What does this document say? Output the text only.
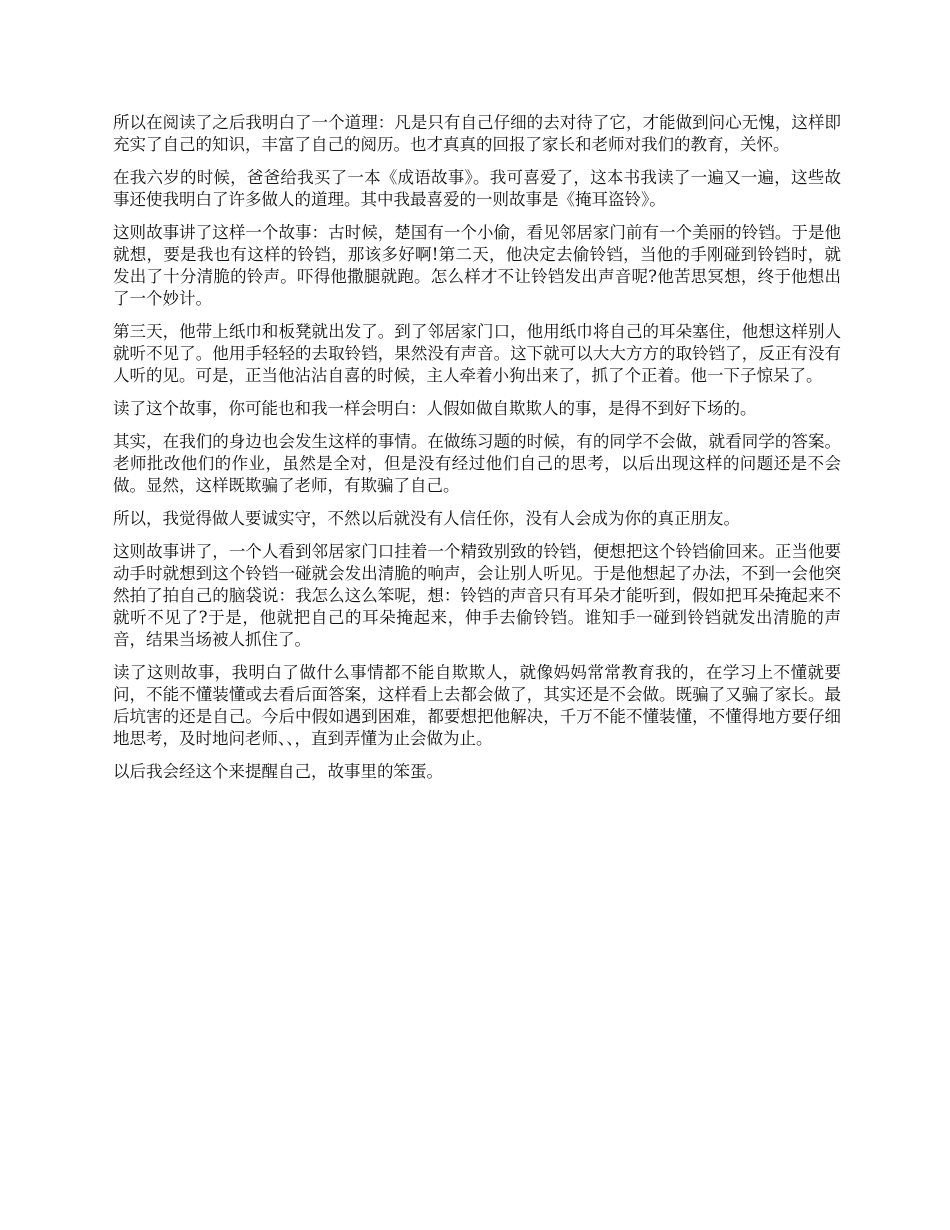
所以在阅读了之后我明白了一个道理：凡是只有自己仔细的去对待了它，才能做到问心无愧，这样即充实了自己的知识，丰富了自己的阅历。也才真真的回报了家长和老师对我们的教育，关怀。

在我六岁的时候，爸爸给我买了一本《成语故事》。我可喜爱了，这本书我读了一遍又一遍，这些故事还使我明白了许多做人的道理。其中我最喜爱的一则故事是《掩耳盗铃》。

这则故事讲了这样一个故事：古时候，楚国有一个小偷，看见邻居家门前有一个美丽的铃铛。于是他就想，要是我也有这样的铃铛，那该多好啊!第二天，他决定去偷铃铛，当他的手刚碰到铃铛时，就发出了十分清脆的铃声。吓得他撒腿就跑。怎么样才不让铃铛发出声音呢?他苦思冥想，终于他想出了一个妙计。

第三天，他带上纸巾和板凳就出发了。到了邻居家门口，他用纸巾将自己的耳朵塞住，他想这样别人就听不见了。他用手轻轻的去取铃铛，果然没有声音。这下就可以大大方方的取铃铛了，反正有没有人听的见。可是，正当他沾沾自喜的时候，主人牵着小狗出来了，抓了个正着。他一下子惊呆了。

读了这个故事，你可能也和我一样会明白：人假如做自欺欺人的事，是得不到好下场的。

其实，在我们的身边也会发生这样的事情。在做练习题的时候，有的同学不会做，就看同学的答案。老师批改他们的作业，虽然是全对，但是没有经过他们自己的思考，以后出现这样的问题还是不会做。显然，这样既欺骗了老师，有欺骗了自己。

所以，我觉得做人要诚实守，不然以后就没有人信任你，没有人会成为你的真正朋友。

这则故事讲了，一个人看到邻居家门口挂着一个精致别致的铃铛，便想把这个铃铛偷回来。正当他要动手时就想到这个铃铛一碰就会发出清脆的响声，会让别人听见。于是他想起了办法，不到一会他突然拍了拍自己的脑袋说：我怎么这么笨呢，想：铃铛的声音只有耳朵才能听到，假如把耳朵掩起来不就听不见了?于是，他就把自己的耳朵掩起来，伸手去偷铃铛。谁知手一碰到铃铛就发出清脆的声音，结果当场被人抓住了。

读了这则故事，我明白了做什么事情都不能自欺欺人，就像妈妈常常教育我的，在学习上不懂就要问，不能不懂装懂或去看后面答案，这样看上去都会做了，其实还是不会做。既骗了又骗了家长。最后坑害的还是自己。今后中假如遇到困难，都要想把他解决，千万不能不懂装懂，不懂得地方要仔细地思考，及时地问老师、、，直到弄懂为止会做为止。

以后我会经这个来提醒自己，故事里的笨蛋。
